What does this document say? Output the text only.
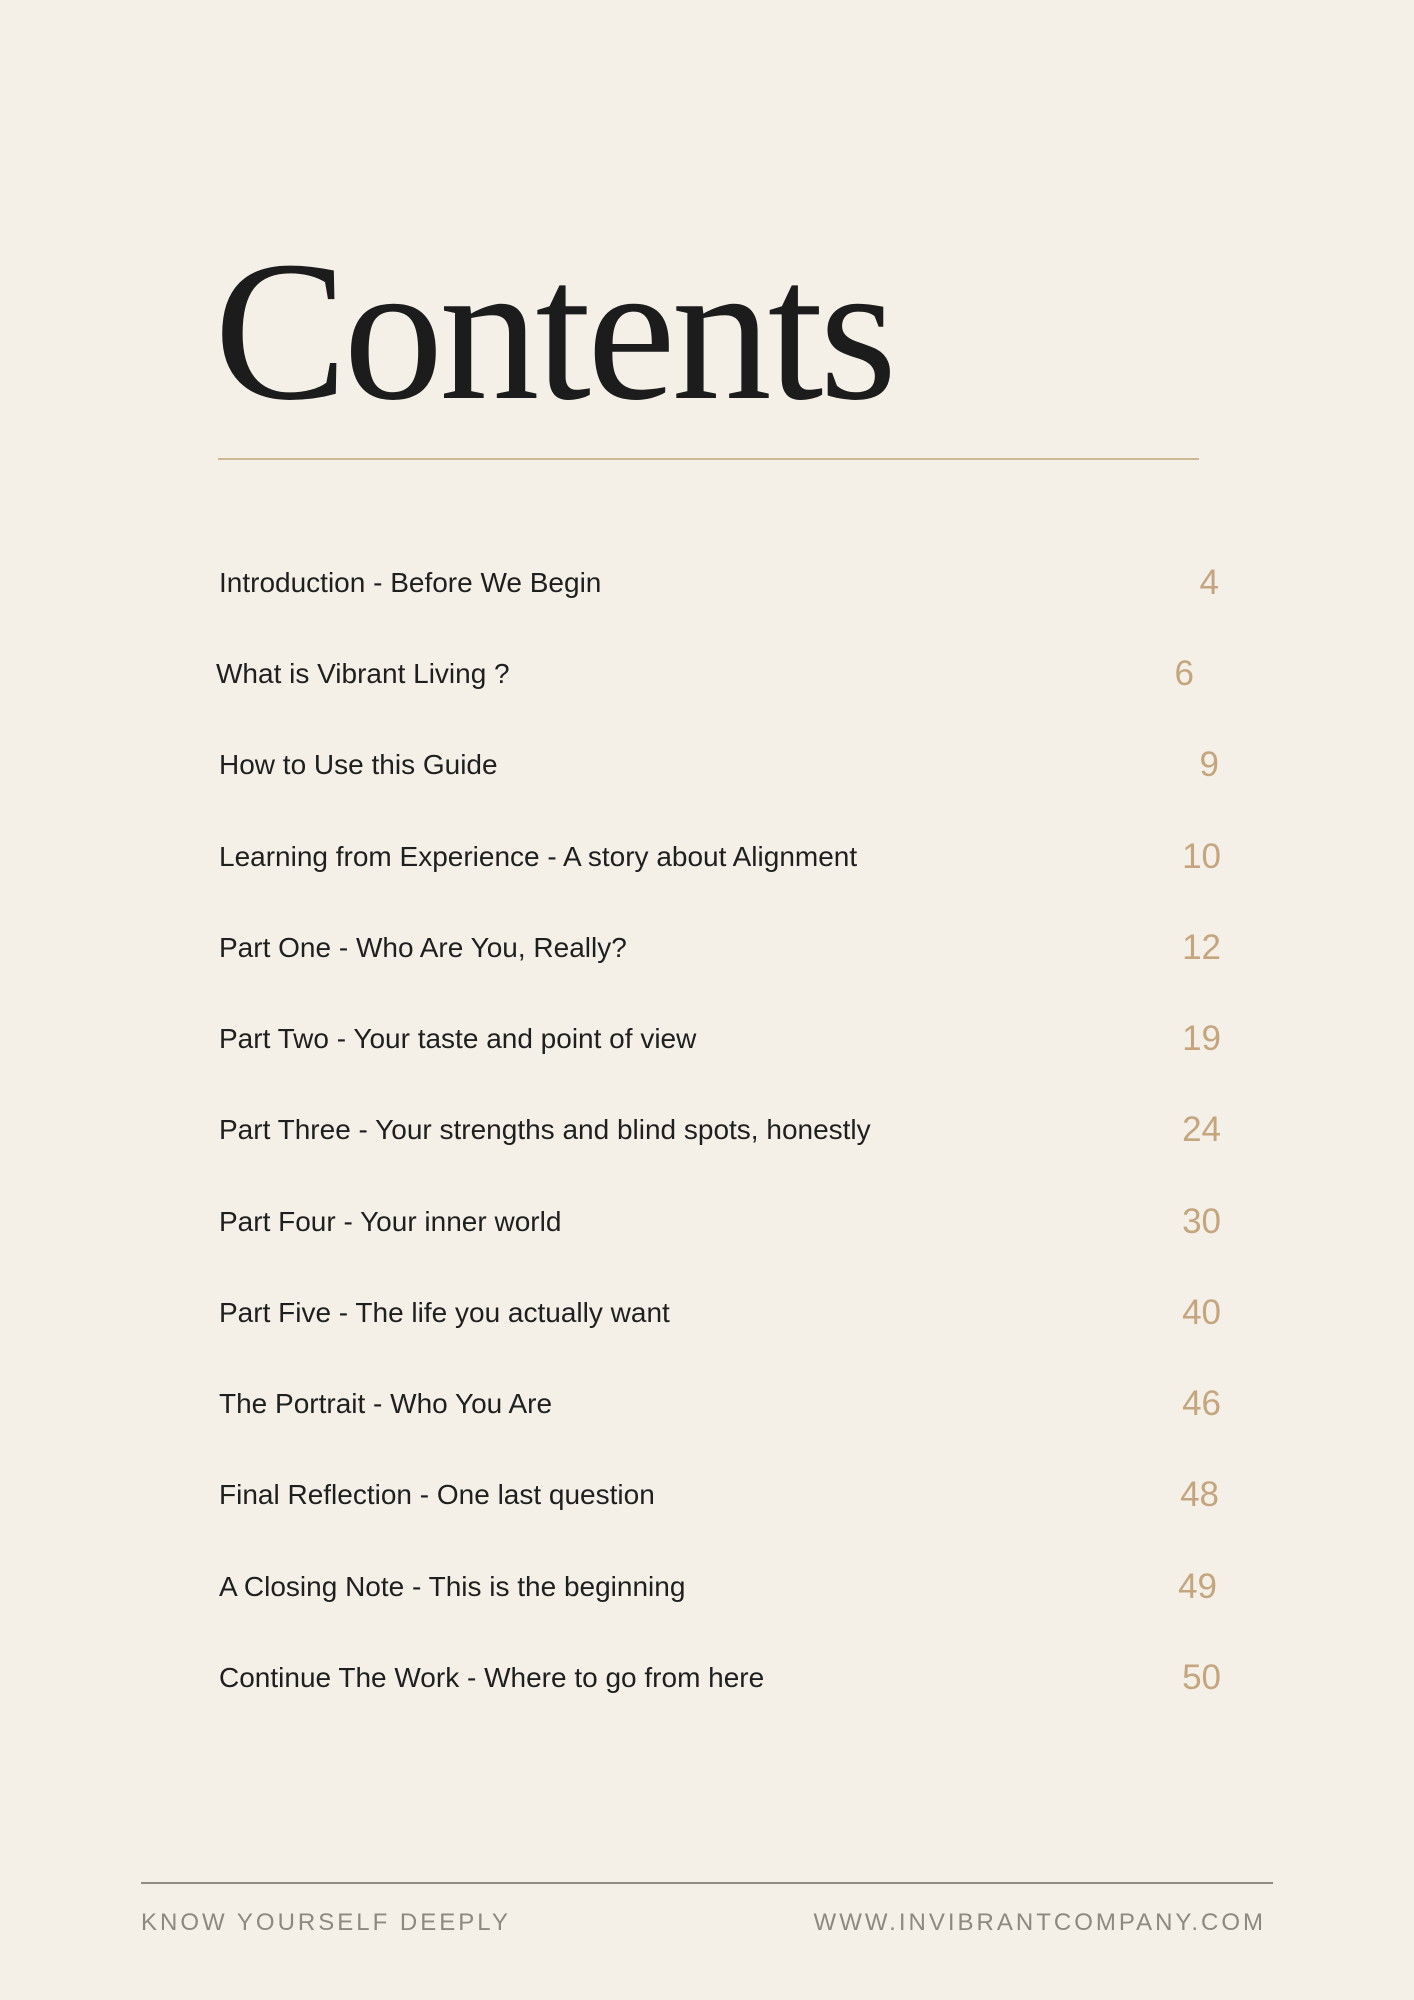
Contents
Introduction - Before We Begin	4
What is Vibrant Living ?	6
How to Use this Guide	9
Learning from Experience - A story about Alignment	10
Part One - Who Are You, Really?	12
Part Two - Your taste and point of view	19
Part Three - Your strengths and blind spots, honestly	24
Part Four - Your inner world	30
Part Five - The life you actually want	40
The Portrait - Who You Are	46
Final Reflection - One last question	48
A Closing Note - This is the beginning	49
Continue The Work - Where to go from here	50
KNOW YOURSELF DEEPLY	WWW.INVIBRANTCOMPANY.COM
